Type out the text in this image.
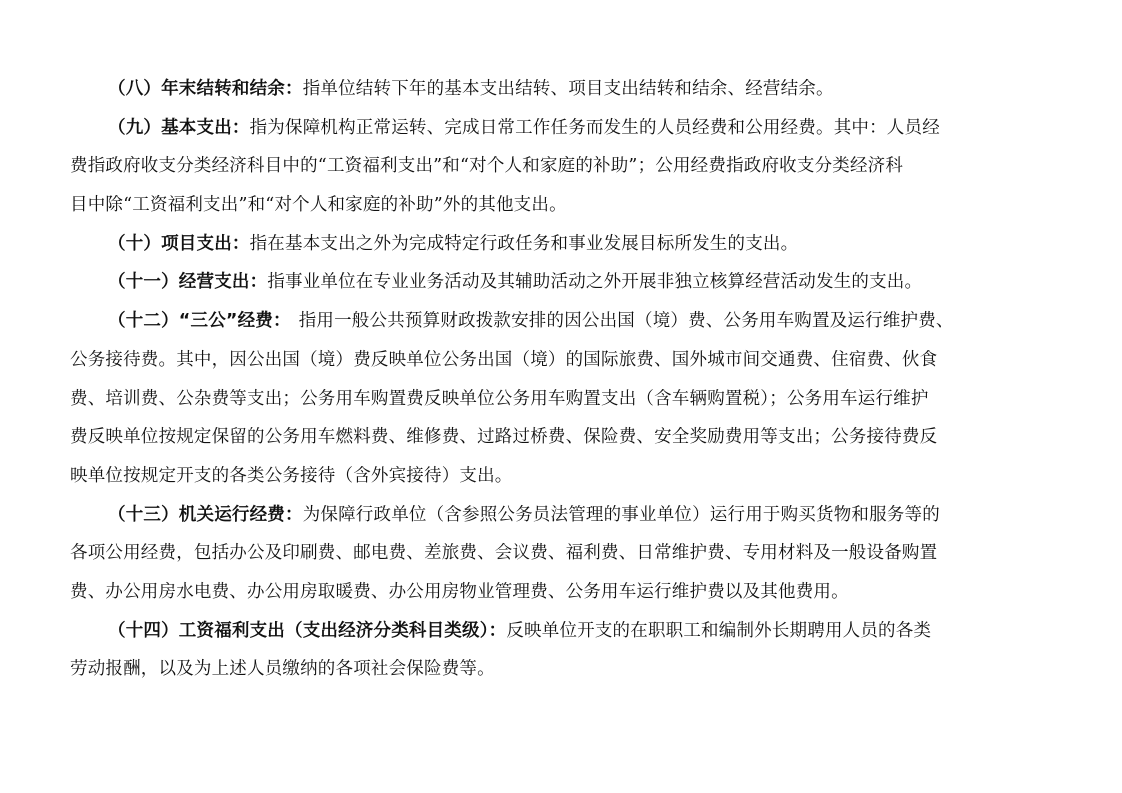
（八）年末结转和结余：指单位结转下年的基本支出结转、项目支出结转和结余、经营结余。
（九）基本支出：指为保障机构正常运转、完成日常工作任务而发生的人员经费和公用经费。其中：人员经
费指政府收支分类经济科目中的“工资福利支出”和“对个人和家庭的补助”；公用经费指政府收支分类经济科
目中除“工资福利支出”和“对个人和家庭的补助”外的其他支出。
（十）项目支出：指在基本支出之外为完成特定行政任务和事业发展目标所发生的支出。
（十一）经营支出：指事业单位在专业业务活动及其辅助活动之外开展非独立核算经营活动发生的支出。
（十二）“三公”经费： 指用一般公共预算财政拨款安排的因公出国（境）费、公务用车购置及运行维护费、
公务接待费。其中，因公出国（境）费反映单位公务出国（境）的国际旅费、国外城市间交通费、住宿费、伙食
费、培训费、公杂费等支出；公务用车购置费反映单位公务用车购置支出（含车辆购置税）；公务用车运行维护
费反映单位按规定保留的公务用车燃料费、维修费、过路过桥费、保险费、安全奖励费用等支出；公务接待费反
映单位按规定开支的各类公务接待（含外宾接待）支出。
（十三）机关运行经费：为保障行政单位（含参照公务员法管理的事业单位）运行用于购买货物和服务等的
各项公用经费，包括办公及印刷费、邮电费、差旅费、会议费、福利费、日常维护费、专用材料及一般设备购置
费、办公用房水电费、办公用房取暖费、办公用房物业管理费、公务用车运行维护费以及其他费用。
（十四）工资福利支出（支出经济分类科目类级）：反映单位开支的在职职工和编制外长期聘用人员的各类
劳动报酬，以及为上述人员缴纳的各项社会保险费等。
